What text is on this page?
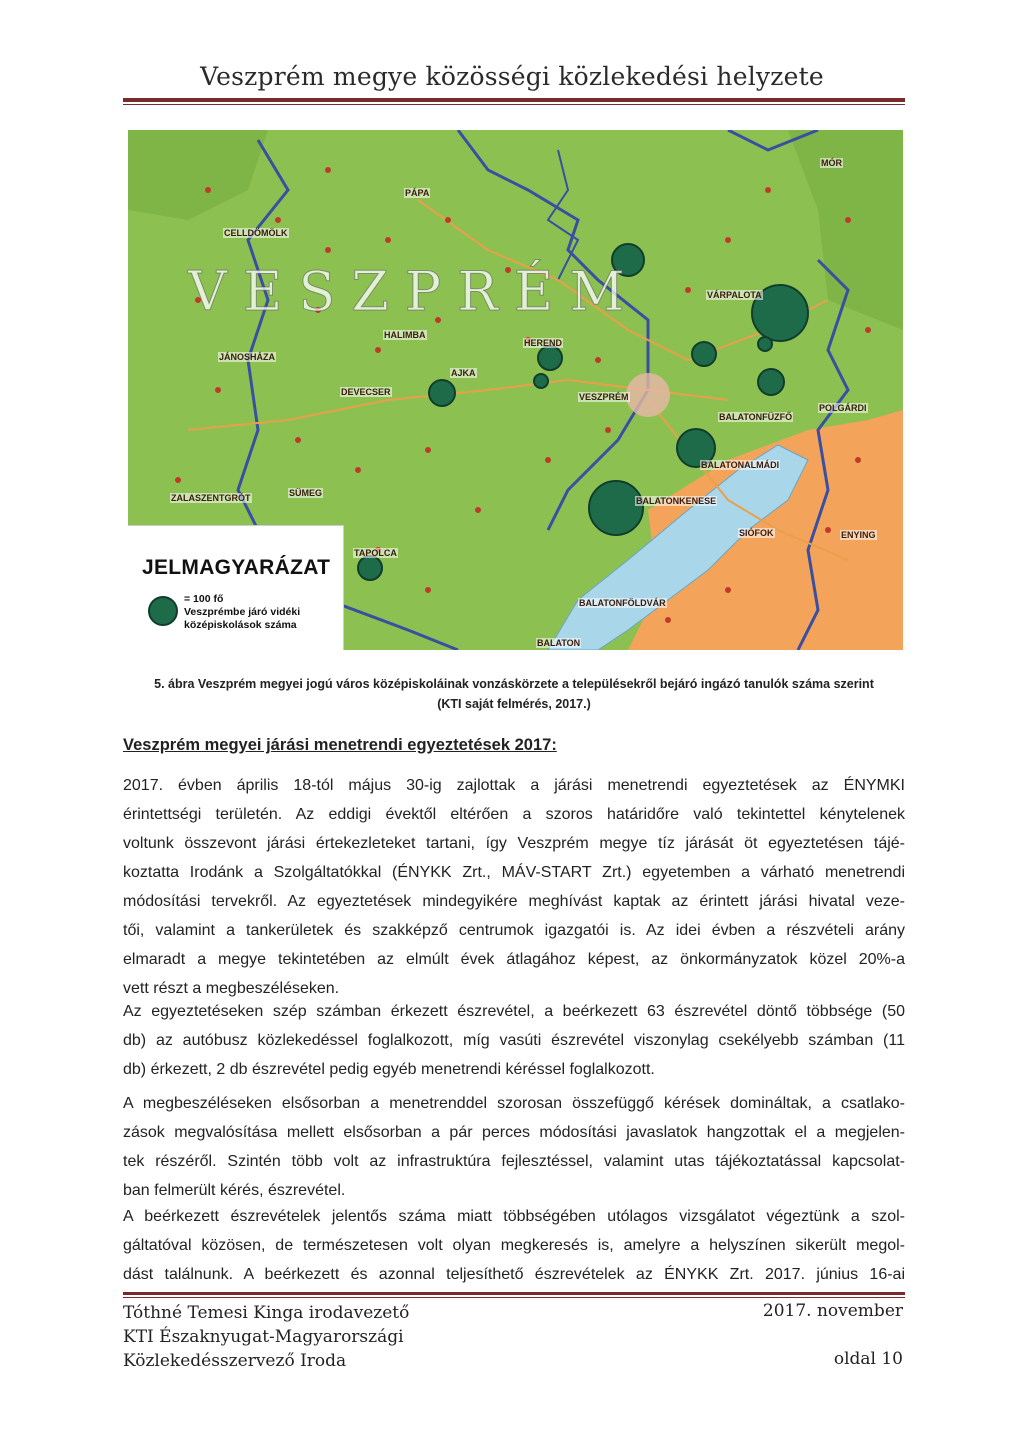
Veszprém megye közösségi közlekedési helyzete
VESZPRÉM
PÁPA
CELLDÖMÖLK
JÁNOSHÁZA
DEVECSER
AJKA
HEREND
VESZPRÉM
VÁRPALOTA
MÓR
BALATONFÜZFŐ
BALATONALMÁDI
BALATONKENESE
SIÓFOK
ZALASZENTGRÓT	SÜMEG
POLGÁRDI
ENYING
BALATONFÖLDVÁR
BALATON
TAPOLCA
HALIMBA
JELMAGYARÁZAT
= 100 fő
Veszprémbe járó vidéki
középiskolások száma
5. ábra Veszprém megyei jogú város középiskoláinak vonzáskörzete a településekről bejáró ingázó tanulók száma szerint
(KTI saját felmérés, 2017.)
Veszprém megyei járási menetrendi egyeztetések 2017:
2017. évben április 18-tól május 30-ig zajlottak a járási menetrendi egyeztetések az ÉNYMKI
érintettségi területén. Az eddigi évektől eltérően a szoros határidőre való tekintettel kénytelenek
voltunk összevont járási értekezleteket tartani, így Veszprém megye tíz járását öt egyeztetésen tájé-
koztatta Irodánk a Szolgáltatókkal (ÉNYKK Zrt., MÁV-START Zrt.) egyetemben a várható menetrendi
módosítási tervekről. Az egyeztetések mindegyikére meghívást kaptak az érintett járási hivatal veze-
tői, valamint a tankerületek és szakképző centrumok igazgatói is. Az idei évben a részvételi arány
elmaradt a megye tekintetében az elmúlt évek átlagához képest, az önkormányzatok közel 20%-a
vett részt a megbeszéléseken.
Az egyeztetéseken szép számban érkezett észrevétel, a beérkezett 63 észrevétel döntő többsége (50
db) az autóbusz közlekedéssel foglalkozott, míg vasúti észrevétel viszonylag csekélyebb számban (11
db) érkezett, 2 db észrevétel pedig egyéb menetrendi kéréssel foglalkozott.
A megbeszéléseken elsősorban a menetrenddel szorosan összefüggő kérések domináltak, a csatlako-
zások megvalósítása mellett elsősorban a pár perces módosítási javaslatok hangzottak el a megjelen-
tek részéről. Szintén több volt az infrastruktúra fejlesztéssel, valamint utas tájékoztatással kapcsolat-
ban felmerült kérés, észrevétel.
A beérkezett észrevételek jelentős száma miatt többségében utólagos vizsgálatot végeztünk a szol-
gáltatóval közösen, de természetesen volt olyan megkeresés is, amelyre a helyszínen sikerült megol-
dást találnunk. A beérkezett és azonnal teljesíthető észrevételek az ÉNYKK Zrt. 2017. június 16-ai
Tóthné Temesi Kinga irodavezető
KTI Északnyugat-Magyarországi
Közlekedésszervező Iroda
2017. november
oldal 10
